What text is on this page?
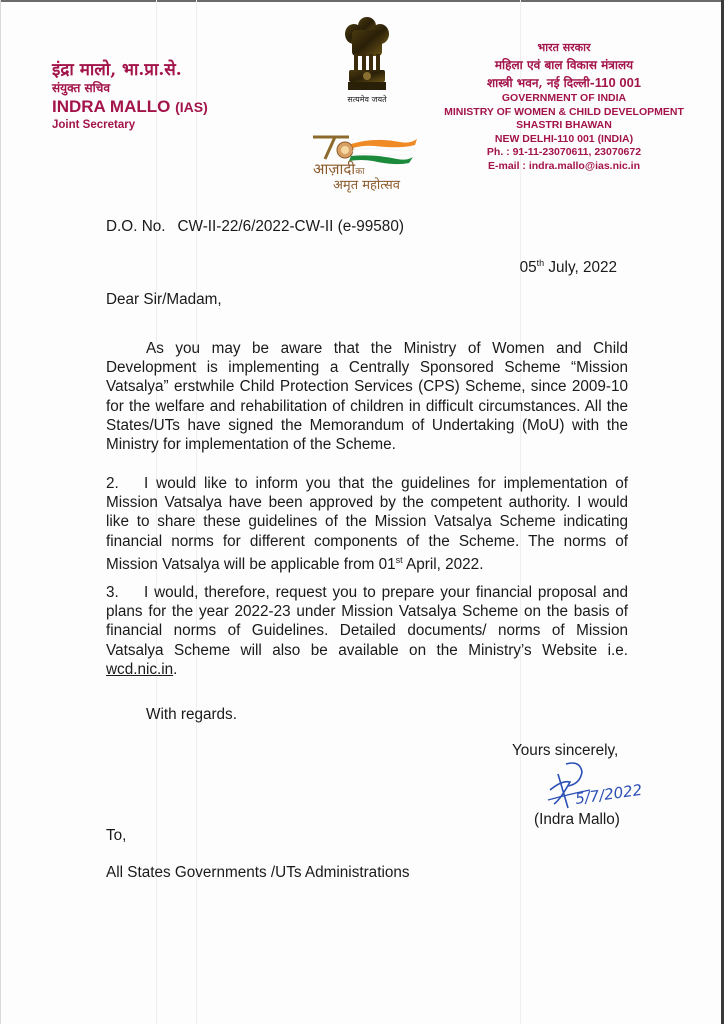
इंद्रा मालो, भा.प्रा.से.
संयुक्त सचिव
INDRA MALLO (IAS)
Joint Secretary
सत्यमेव जयते
आज़ादीका
अमृत महोत्सव
भारत सरकार
महिला एवं बाल विकास मंत्रालय
शास्त्री भवन, नई दिल्ली-110 001
GOVERNMENT OF INDIA
MINISTRY OF WOMEN & CHILD DEVELOPMENT
SHASTRI BHAWAN
NEW DELHI-110 001 (INDIA)
Ph. : 91-11-23070611, 23070672
E-mail : indra.mallo@ias.nic.in
D.O. No. CW-II-22/6/2022-CW-II (e-99580)
05th July, 2022
Dear Sir/Madam,
As you may be aware that the Ministry of Women and Child Development is implementing a Centrally Sponsored Scheme “Mission Vatsalya” erstwhile Child Protection Services (CPS) Scheme, since 2009-10 for the welfare and rehabilitation of children in difficult circumstances. All the States/UTs have signed the Memorandum of Undertaking (MoU) with the Ministry for implementation of the Scheme.
2. I would like to inform you that the guidelines for implementation of Mission Vatsalya have been approved by the competent authority. I would like to share these guidelines of the Mission Vatsalya Scheme indicating financial norms for different components of the Scheme. The norms of Mission Vatsalya will be applicable from 01st April, 2022.
3. I would, therefore, request you to prepare your financial proposal and plans for the year 2022-23 under Mission Vatsalya Scheme on the basis of financial norms of Guidelines. Detailed documents/ norms of Mission Vatsalya Scheme will also be available on the Ministry’s Website i.e. wcd.nic.in.
With regards.
Yours sincerely,
5/7/2022
(Indra Mallo)
To,
All States Governments /UTs Administrations
